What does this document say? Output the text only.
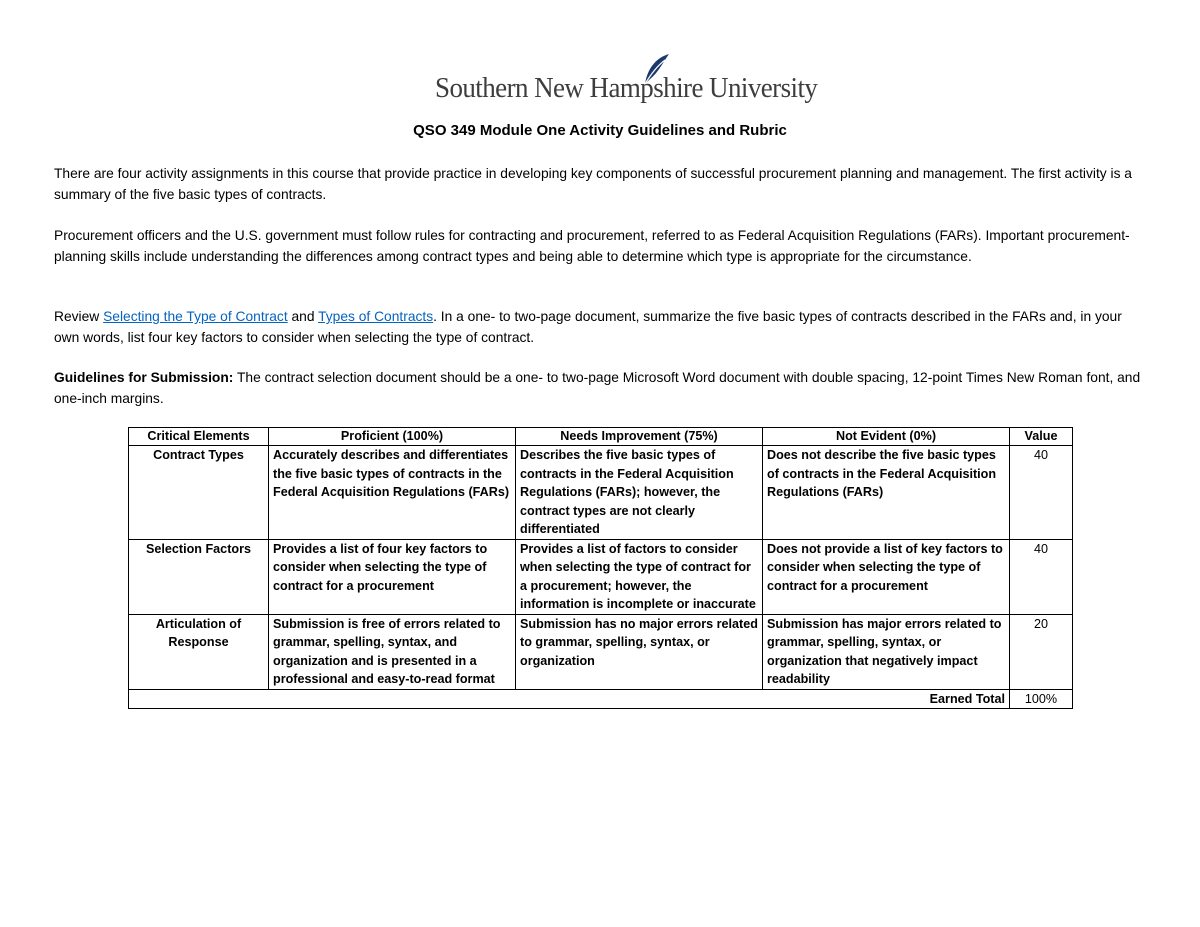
Southern New Hampshire University
QSO 349 Module One Activity Guidelines and Rubric

There are four activity assignments in this course that provide practice in developing key components of successful procurement planning and management. The first activity is a summary of the five basic types of contracts.

Procurement officers and the U.S. government must follow rules for contracting and procurement, referred to as Federal Acquisition Regulations (FARs). Important procurement-planning skills include understanding the differences among contract types and being able to determine which type is appropriate for the circumstance.

Review Selecting the Type of Contract and Types of Contracts. In a one- to two-page document, summarize the five basic types of contracts described in the FARs and, in your own words, list four key factors to consider when selecting the type of contract.

Guidelines for Submission: The contract selection document should be a one- to two-page Microsoft Word document with double spacing, 12-point Times New Roman font, and one-inch margins.

Critical Elements	Proficient (100%)	Needs Improvement (75%)	Not Evident (0%)	Value
Contract Types	Accurately describes and differentiates the five basic types of contracts in the Federal Acquisition Regulations (FARs)	Describes the five basic types of contracts in the Federal Acquisition Regulations (FARs); however, the contract types are not clearly differentiated	Does not describe the five basic types of contracts in the Federal Acquisition Regulations (FARs)	40
Selection Factors	Provides a list of four key factors to consider when selecting the type of contract for a procurement	Provides a list of factors to consider when selecting the type of contract for a procurement; however, the information is incomplete or inaccurate	Does not provide a list of key factors to consider when selecting the type of contract for a procurement	40
Articulation of Response	Submission is free of errors related to grammar, spelling, syntax, and organization and is presented in a professional and easy-to-read format	Submission has no major errors related to grammar, spelling, syntax, or organization	Submission has major errors related to grammar, spelling, syntax, or organization that negatively impact readability	20
Earned Total				100%
